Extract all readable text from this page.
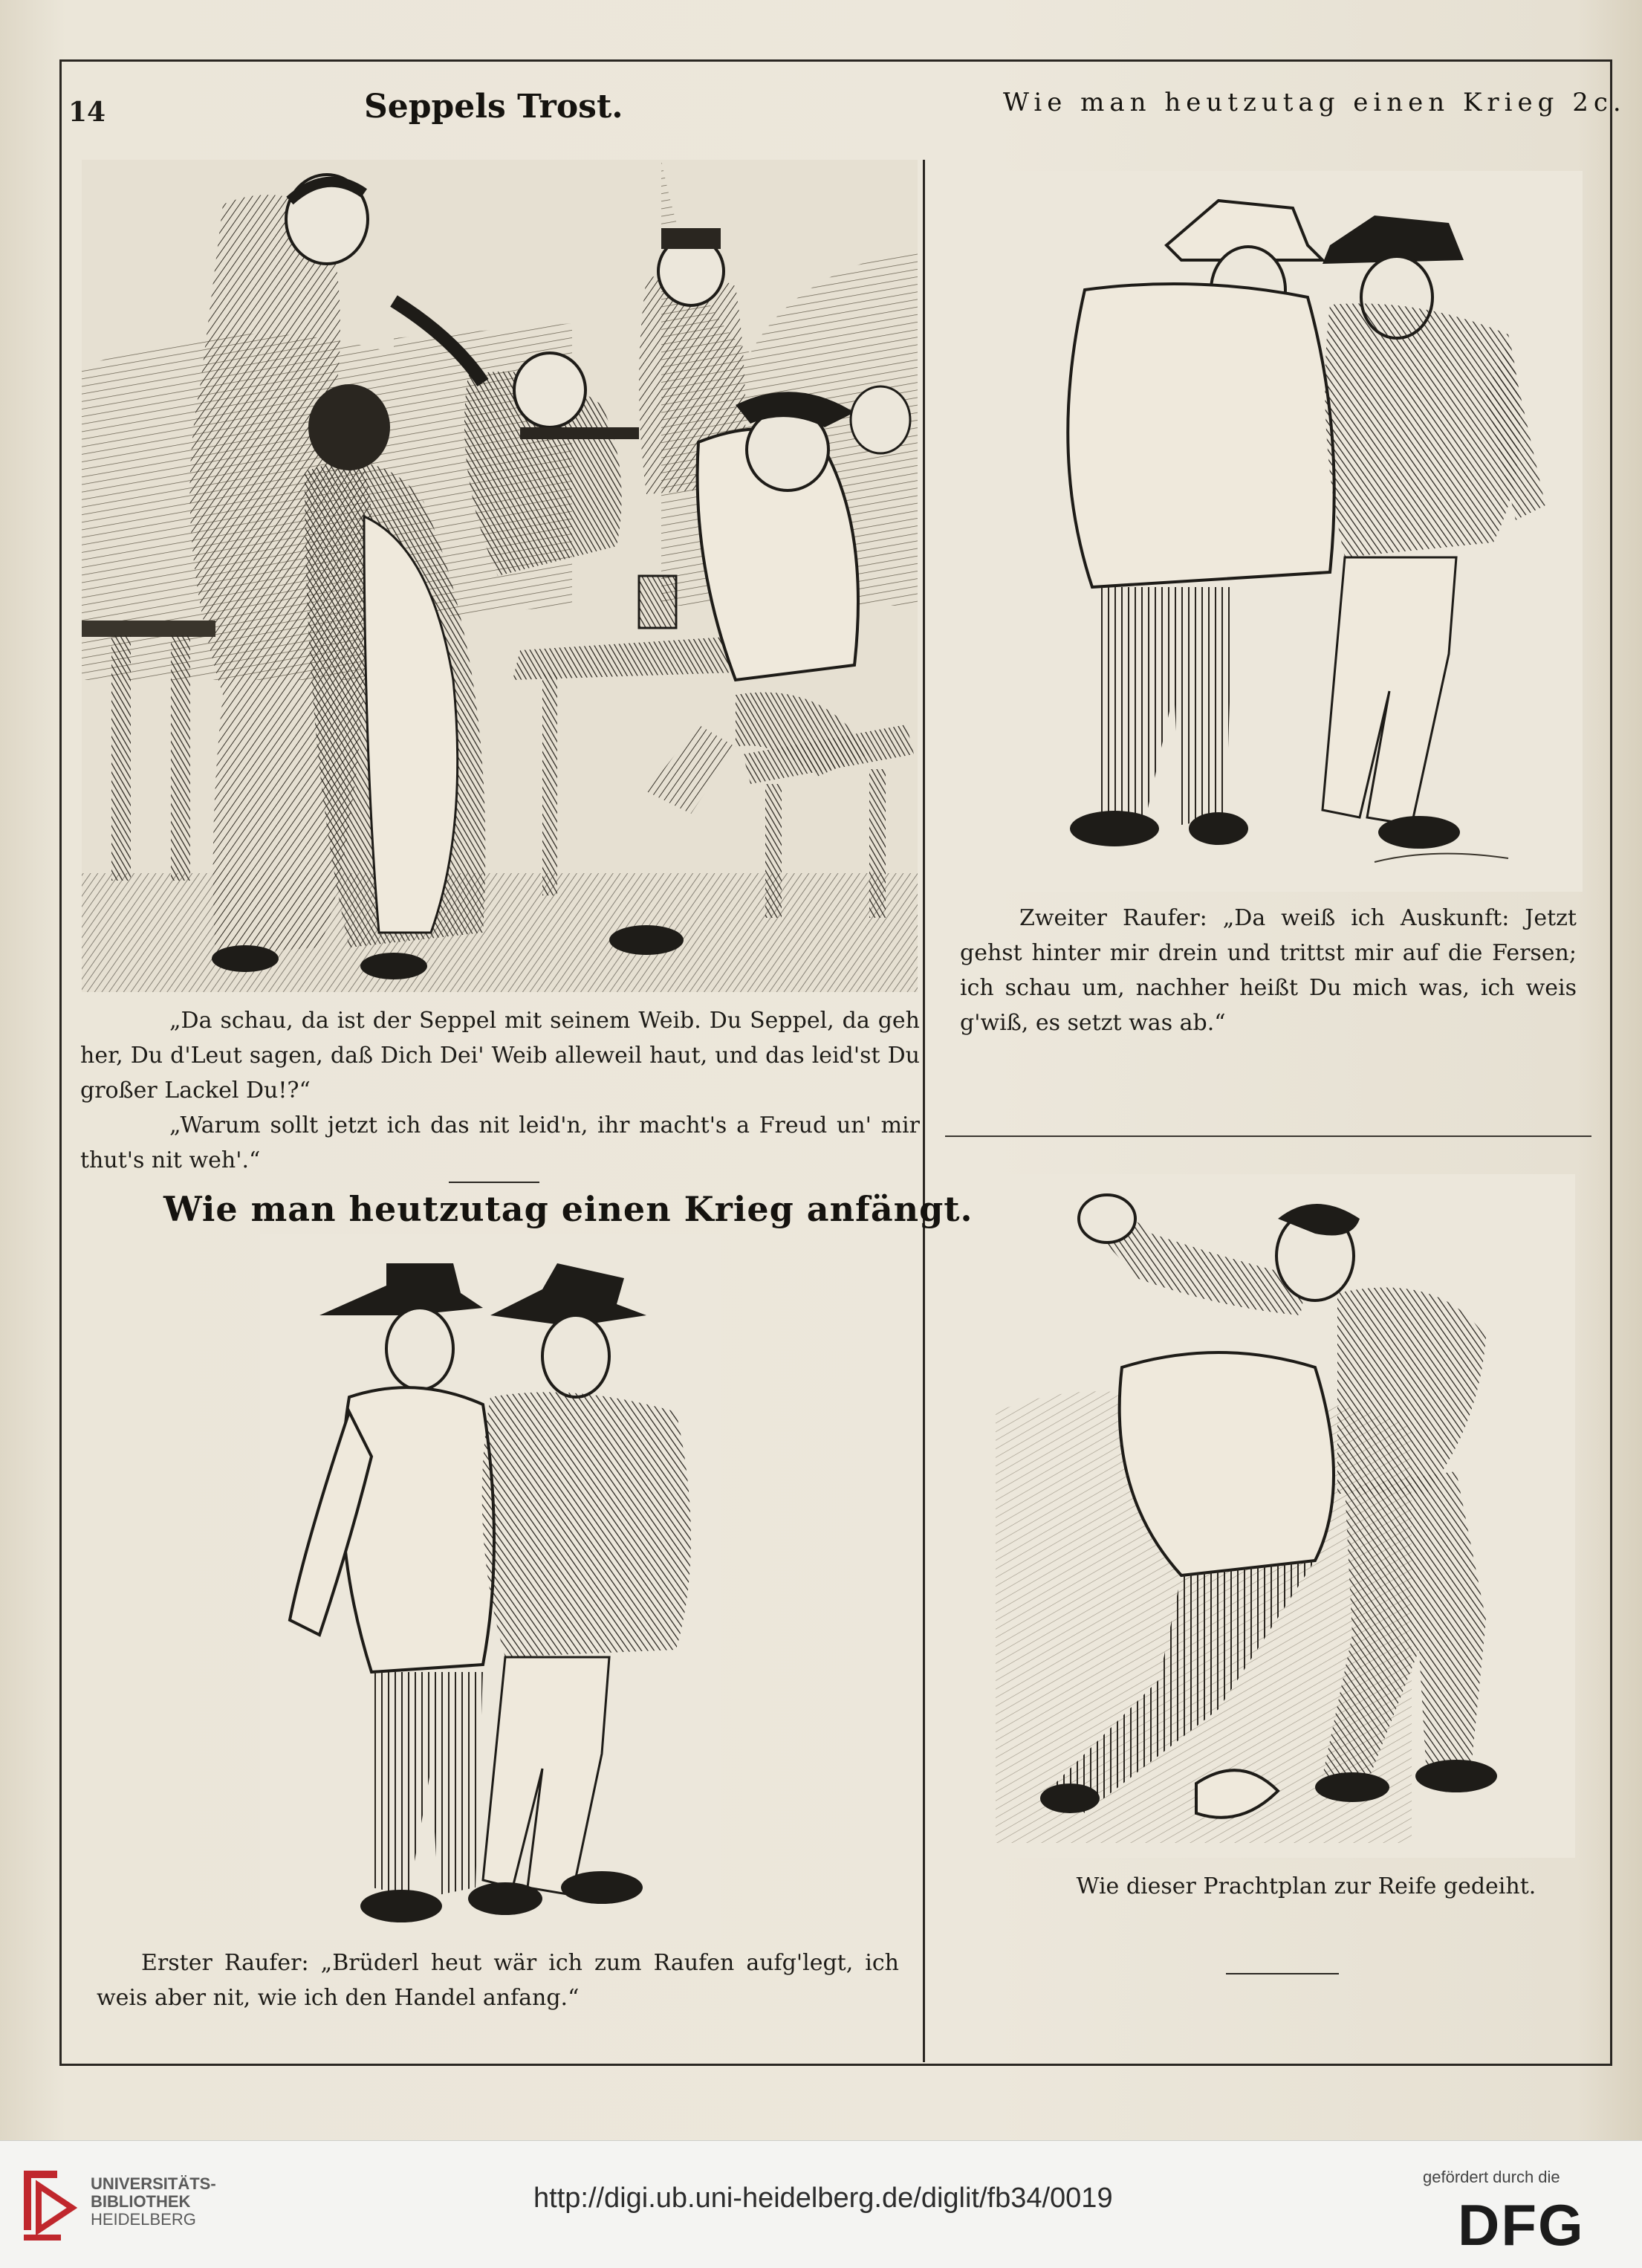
14	Seppels Trost.	Wie man heutzutag einen Krieg 2c.
„Da schau, da ist der Seppel mit seinem Weib. Du Seppel, da geh her, Du d'Leut sagen, daß Dich Dei' Weib alleweil haut, und das leid'st Du großer Lackel Du!?“
„Warum sollt jetzt ich das nit leid'n, ihr macht's a Freud un' mir thut's nit weh'.“
Wie man heutzutag einen Krieg anfängt.
Erster Raufer: „Brüderl heut wär ich zum Raufen aufg'legt, ich weis aber nit, wie ich den Handel anfang.“
Zweiter Raufer: „Da weiß ich Auskunft: Jetzt gehst hinter mir drein und trittst mir auf die Fersen; ich schau um, nachher heißt Du mich was, ich weis g'wiß, es setzt was ab.“
Wie dieser Prachtplan zur Reife gedeiht.
UNIVERSITÄTS-
BIBLIOTHEK
HEIDELBERG
http://digi.ub.uni-heidelberg.de/diglit/fb34/0019
gefördert durch die
DFG
